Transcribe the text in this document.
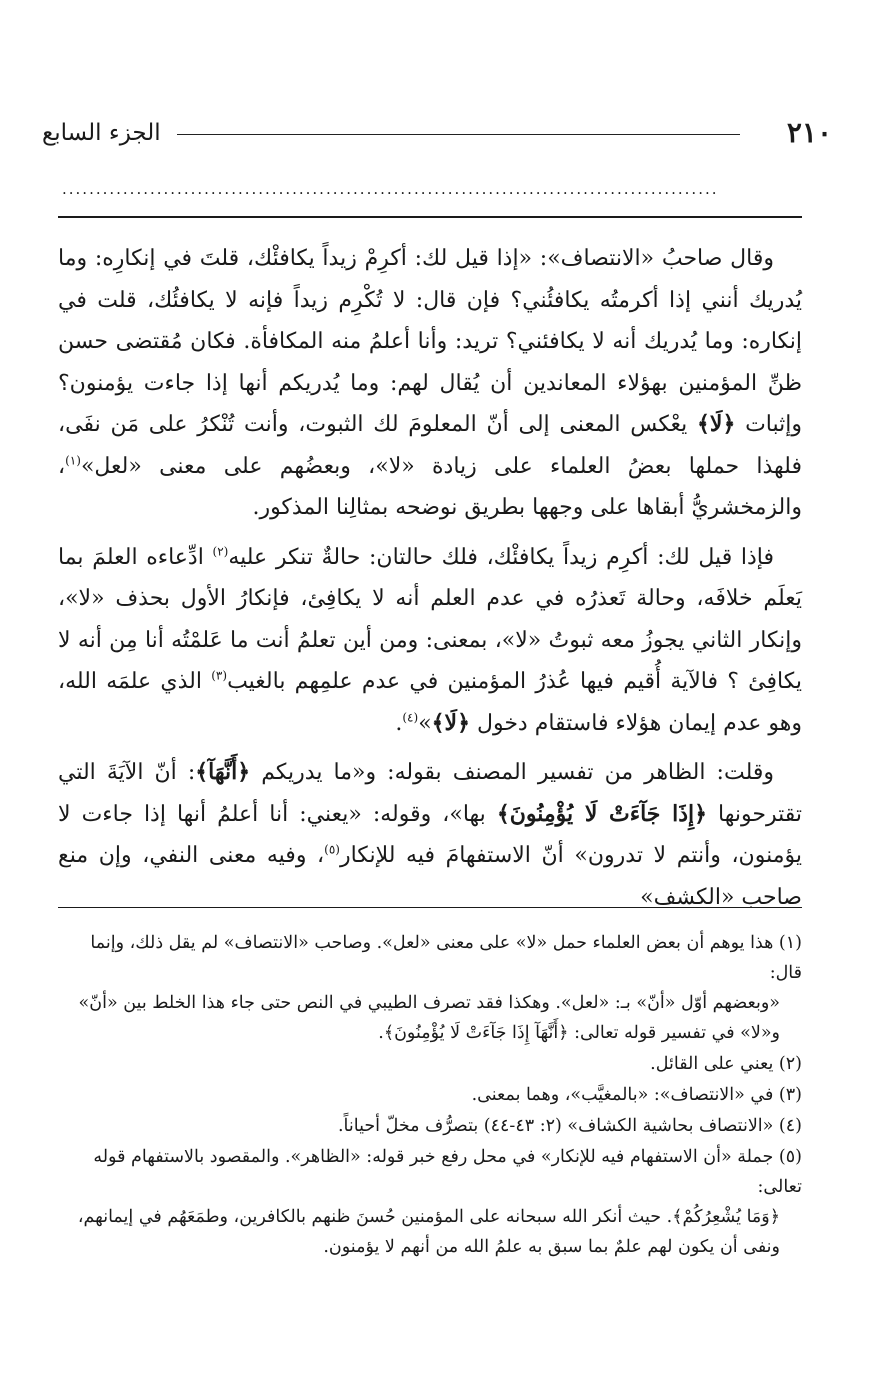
٢١٠
الجزء السابع
.................................................................................................

وقال صاحبُ «الانتصاف»: «إذا قيل لك: أكرِمْ زيداً يكافئْك، قلتَ في إنكارِه: وما يُدريك أنني إذا أكرمتُه يكافئُني؟ فإن قال: لا تُكْرِم زيداً فإنه لا يكافئُك، قلت في إنكاره: وما يُدريك أنه لا يكافئني؟ تريد: وأنا أعلمُ منه المكافأة. فكان مُقتضى حسن ظنِّ المؤمنين بهؤلاء المعاندين أن يُقال لهم: وما يُدريكم أنها إذا جاءت يؤمنون؟ وإثبات ﴿لَا﴾ يعْكس المعنى إلى أنّ المعلومَ لك الثبوت، وأنت تُنْكرُ على مَن نفَى، فلهذا حملها بعضُ العلماء على زيادة «لا»، وبعضُهم على معنى «لعل»$^{(١)}$، والزمخشريُّ أبقاها على وجهها بطريق نوضحه بمثالِنا المذكور.

فإذا قيل لك: أكرِم زيداً يكافئْك، فلك حالتان: حالةٌ تنكر عليه$^{(٢)}$ ادِّعاءه العلمَ بما يَعلَم خلافَه، وحالة تَعذرُه في عدم العلم أنه لا يكافِئ، فإنكارُ الأول بحذف «لا»، وإنكار الثاني يجوزُ معه ثبوتُ «لا»، بمعنى: ومن أين تعلمُ أنت ما عَلمْتُه أنا مِن أنه لا يكافِئ ؟ فالآية أُقيم فيها عُذرُ المؤمنين في عدم علمِهم بالغيب$^{(٣)}$ الذي علمَه الله، وهو عدم إيمان هؤلاء فاستقام دخول ﴿لَا﴾»$^{(٤)}$.

وقلت: الظاهر من تفسير المصنف بقوله: و«ما يدريكم ﴿أَنَّهَآ﴾: أنّ الآيَةَ التي تقترحونها ﴿إِذَا جَآءَتْ لَا يُؤْمِنُونَ﴾ بها»، وقوله: «يعني: أنا أعلمُ أنها إذا جاءت لا يؤمنون، وأنتم لا تدرون» أنّ الاستفهامَ فيه للإنكار$^{(٥)}$، وفيه معنى النفي، وإن منع صاحب «الكشف»

(١) هذا يوهم أن بعض العلماء حمل «لا» على معنى «لعل». وصاحب «الانتصاف» لم يقل ذلك، وإنما قال:
«وبعضهم أوّل «أنّ» بـ: «لعل». وهكذا فقد تصرف الطيبي في النص حتى جاء هذا الخلط بين «أنّ»
و«لا» في تفسير قوله تعالى: ﴿أَنَّهَآ إِذَا جَآءَتْ لَا يُؤْمِنُونَ﴾.
(٢) يعني على القائل.
(٣) في «الانتصاف»: «بالمغيَّب»، وهما بمعنى.
(٤) «الانتصاف بحاشية الكشاف» (٢: ٤٣-٤٤) بتصرُّف مخلّ أحياناً.
(٥) جملة «أن الاستفهام فيه للإنكار» في محل رفع خبر قوله: «الظاهر». والمقصود بالاستفهام قوله تعالى:
﴿وَمَا يُشْعِرُكُمْ﴾. حيث أنكر الله سبحانه على المؤمنين حُسنَ ظنهم بالكافرين، وطمَعَهُم في إيمانهم،
ونفى أن يكون لهم علمٌ بما سبق به علمُ الله من أنهم لا يؤمنون.
